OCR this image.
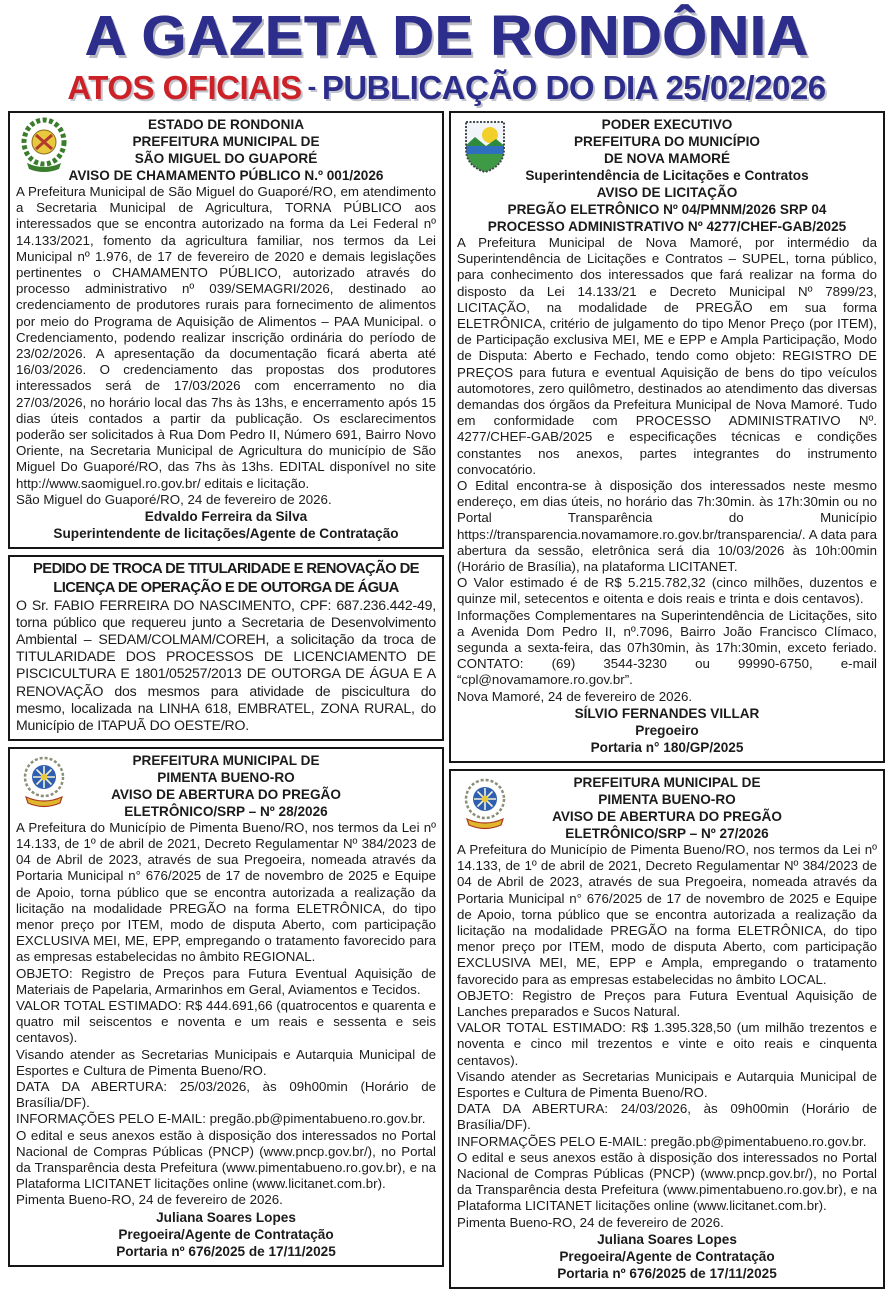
A GAZETA DE RONDÔNIA
ATOS OFICIAIS - PUBLICAÇÃO DO DIA 25/02/2026
ESTADO DE RONDONIA
PREFEITURA MUNICIPAL DE
SÃO MIGUEL DO GUAPORÉ
AVISO DE CHAMAMENTO PÚBLICO N.º 001/2026

A Prefeitura Municipal de São Miguel do Guaporé/RO, em atendimento a Secretaria Municipal de Agricultura, TORNA PÚBLICO aos interessados que se encontra autorizado na forma da Lei Federal nº 14.133/2021, fomento da agricultura familiar, nos termos da Lei Municipal nº 1.976, de 17 de fevereiro de 2020 e demais legislações pertinentes o CHAMAMENTO PÚBLICO, autorizado através do processo administrativo nº 039/SEMAGRI/2026, destinado ao credenciamento de produtores rurais para fornecimento de alimentos por meio do Programa de Aquisição de Alimentos – PAA Municipal. o Credenciamento, podendo realizar inscrição ordinária do período de 23/02/2026. A apresentação da documentação ficará aberta até 16/03/2026. O credenciamento das propostas dos produtores interessados será de 17/03/2026 com encerramento no dia 27/03/2026, no horário local das 7hs às 13hs, e encerramento após 15 dias úteis contados a partir da publicação. Os esclarecimentos poderão ser solicitados à Rua Dom Pedro II, Número 691, Bairro Novo Oriente, na Secretaria Municipal de Agricultura do município de São Miguel Do Guaporé/RO, das 7hs às 13hs. EDITAL disponível no site http://www.saomiguel.ro.gov.br/ editais e licitação.

São Miguel do Guaporé/RO, 24 de fevereiro de 2026.

Edvaldo Ferreira da Silva
Superintendente de licitações/Agente de Contratação
PEDIDO DE TROCA DE TITULARIDADE E RENOVAÇÃO DE LICENÇA DE OPERAÇÃO E DE OUTORGA DE ÁGUA

O Sr. FABIO FERREIRA DO NASCIMENTO, CPF: 687.236.442-49, torna público que requereu junto a Secretaria de Desenvolvimento Ambiental – SEDAM/COLMAM/COREH, a solicitação da troca de TITULARIDADE DOS PROCESSOS DE LICENCIAMENTO DE PISCICULTURA E 1801/05257/2013 DE OUTORGA DE ÁGUA E A RENOVAÇÃO dos mesmos para atividade de piscicultura do mesmo, localizada na LINHA 618, EMBRATEL, ZONA RURAL, do Município de ITAPUÃ DO OESTE/RO.

PREFEITURA MUNICIPAL DE
PIMENTA BUENO-RO
AVISO DE ABERTURA DO PREGÃO
ELETRÔNICO/SRP – Nº 28/2026

A Prefeitura do Município de Pimenta Bueno/RO, nos termos da Lei nº 14.133, de 1º de abril de 2021, Decreto Regulamentar Nº 384/2023 de 04 de Abril de 2023, através de sua Pregoeira, nomeada através da Portaria Municipal n° 676/2025 de 17 de novembro de 2025 e Equipe de Apoio, torna público que se encontra autorizada a realização da licitação na modalidade PREGÃO na forma ELETRÔNICA, do tipo menor preço por ITEM, modo de disputa Aberto, com participação EXCLUSIVA MEI, ME, EPP, empregando o tratamento favorecido para as empresas estabelecidas no âmbito REGIONAL.

OBJETO: Registro de Preços para Futura Eventual Aquisição de Materiais de Papelaria, Armarinhos em Geral, Aviamentos e Tecidos.

VALOR TOTAL ESTIMADO: R$ 444.691,66 (quatrocentos e quarenta e quatro mil seiscentos e noventa e um reais e sessenta e seis centavos).

Visando atender as Secretarias Municipais e Autarquia Municipal de Esportes e Cultura de Pimenta Bueno/RO.

DATA DA ABERTURA: 25/03/2026, às 09h00min (Horário de Brasília/DF).

INFORMAÇÕES PELO E-MAIL: pregão.pb@pimentabueno.ro.gov.br.

O edital e seus anexos estão à disposição dos interessados no Portal Nacional de Compras Públicas (PNCP) (www.pncp.gov.br/), no Portal da Transparência desta Prefeitura (www.pimentabueno.ro.gov.br), e na Plataforma LICITANET licitações online (www.licitanet.com.br).

Pimenta Bueno-RO, 24 de fevereiro de 2026.

Juliana Soares Lopes
Pregoeira/Agente de Contratação
Portaria nº 676/2025 de 17/11/2025
PODER EXECUTIVO
PREFEITURA DO MUNICÍPIO
DE NOVA MAMORÉ
Superintendência de Licitações e Contratos
AVISO DE LICITAÇÃO
PREGÃO ELETRÔNICO Nº 04/PMNM/2026 SRP 04
PROCESSO ADMINISTRATIVO Nº 4277/CHEF-GAB/2025

A Prefeitura Municipal de Nova Mamoré, por intermédio da Superintendência de Licitações e Contratos – SUPEL, torna público, para conhecimento dos interessados que fará realizar na forma do disposto da Lei 14.133/21 e Decreto Municipal Nº 7899/23, LICITAÇÃO, na modalidade de PREGÃO em sua forma ELETRÔNICA, critério de julgamento do tipo Menor Preço (por ITEM), de Participação exclusiva MEI, ME e EPP e Ampla Participação, Modo de Disputa: Aberto e Fechado, tendo como objeto: REGISTRO DE PREÇOS para futura e eventual Aquisição de bens do tipo veículos automotores, zero quilômetro, destinados ao atendimento das diversas demandas dos órgãos da Prefeitura Municipal de Nova Mamoré. Tudo em conformidade com PROCESSO ADMINISTRATIVO Nº. 4277/CHEF-GAB/2025 e especificações técnicas e condições constantes nos anexos, partes integrantes do instrumento convocatório.

O Edital encontra-se à disposição dos interessados neste mesmo endereço, em dias úteis, no horário das 7h:30min. às 17h:30min ou no Portal Transparência do Município https://transparencia.novamamore.ro.gov.br/transparencia/. A data para abertura da sessão, eletrônica será dia 10/03/2026 às 10h:00min (Horário de Brasília), na plataforma LICITANET.

O Valor estimado é de R$ 5.215.782,32 (cinco milhões, duzentos e quinze mil, setecentos e oitenta e dois reais e trinta e dois centavos).

Informações Complementares na Superintendência de Licitações, sito a Avenida Dom Pedro II, nº.7096, Bairro João Francisco Clímaco, segunda a sexta-feira, das 07h30min, às 17h:30min, exceto feriado. CONTATO: (69) 3544-3230 ou 99990-6750, e-mail “cpl@novamamore.ro.gov.br”.

Nova Mamoré, 24 de fevereiro de 2026.

SÍLVIO FERNANDES VILLAR
Pregoeiro
Portaria n° 180/GP/2025
PREFEITURA MUNICIPAL DE
PIMENTA BUENO-RO
AVISO DE ABERTURA DO PREGÃO
ELETRÔNICO/SRP – Nº 27/2026

A Prefeitura do Município de Pimenta Bueno/RO, nos termos da Lei nº 14.133, de 1º de abril de 2021, Decreto Regulamentar Nº 384/2023 de 04 de Abril de 2023, através de sua Pregoeira, nomeada através da Portaria Municipal n° 676/2025 de 17 de novembro de 2025 e Equipe de Apoio, torna público que se encontra autorizada a realização da licitação na modalidade PREGÃO na forma ELETRÔNICA, do tipo menor preço por ITEM, modo de disputa Aberto, com participação EXCLUSIVA MEI, ME, EPP e Ampla, empregando o tratamento favorecido para as empresas estabelecidas no âmbito LOCAL.

OBJETO: Registro de Preços para Futura Eventual Aquisição de Lanches preparados e Sucos Natural.

VALOR TOTAL ESTIMADO: R$ 1.395.328,50 (um milhão trezentos e noventa e cinco mil trezentos e vinte e oito reais e cinquenta centavos).

Visando atender as Secretarias Municipais e Autarquia Municipal de Esportes e Cultura de Pimenta Bueno/RO.

DATA DA ABERTURA: 24/03/2026, às 09h00min (Horário de Brasília/DF).

INFORMAÇÕES PELO E-MAIL: pregão.pb@pimentabueno.ro.gov.br.

O edital e seus anexos estão à disposição dos interessados no Portal Nacional de Compras Públicas (PNCP) (www.pncp.gov.br/), no Portal da Transparência desta Prefeitura (www.pimentabueno.ro.gov.br), e na Plataforma LICITANET licitações online (www.licitanet.com.br).

Pimenta Bueno-RO, 24 de fevereiro de 2026.

Juliana Soares Lopes
Pregoeira/Agente de Contratação
Portaria nº 676/2025 de 17/11/2025
